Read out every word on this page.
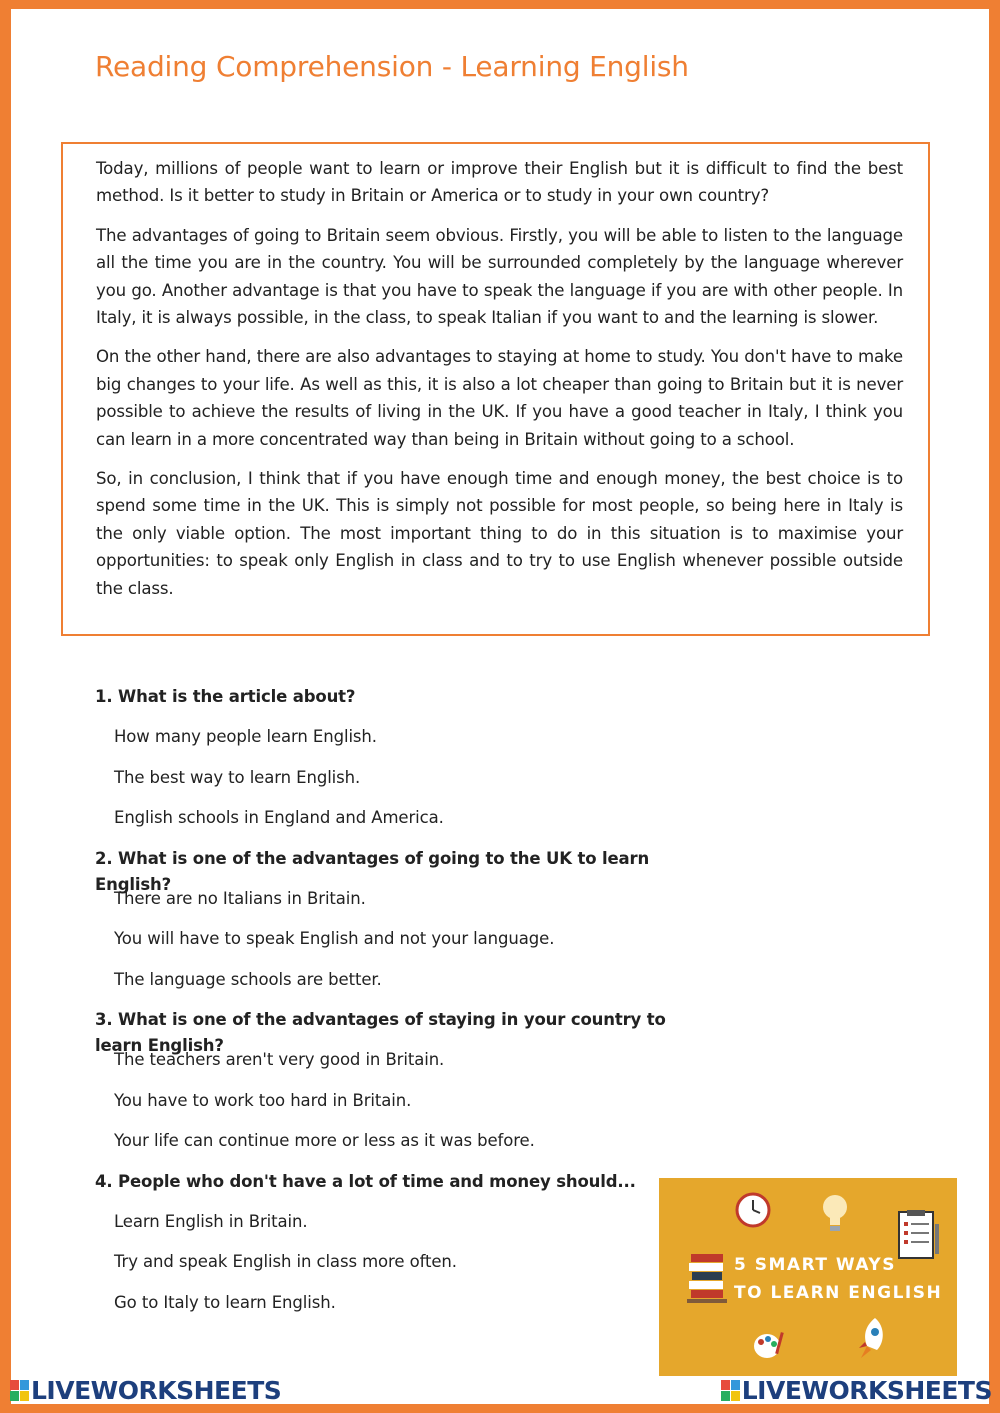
Reading Comprehension - Learning English

Today, millions of people want to learn or improve their English but it is difficult to find the best method. Is it better to study in Britain or America or to study in your own country?

The advantages of going to Britain seem obvious. Firstly, you will be able to listen to the language all the time you are in the country. You will be surrounded completely by the language wherever you go. Another advantage is that you have to speak the language if you are with other people. In Italy, it is always possible, in the class, to speak Italian if you want to and the learning is slower.

On the other hand, there are also advantages to staying at home to study. You don't have to make big changes to your life. As well as this, it is also a lot cheaper than going to Britain but it is never possible to achieve the results of living in the UK. If you have a good teacher in Italy, I think you can learn in a more concentrated way than being in Britain without going to a school.

So, in conclusion, I think that if you have enough time and enough money, the best choice is to spend some time in the UK. This is simply not possible for most people, so being here in Italy is the only viable option. The most important thing to do in this situation is to maximise your opportunities: to speak only English in class and to try to use English whenever possible outside the class.

1. What is the article about?
How many people learn English.
The best way to learn English.
English schools in England and America.
2. What is one of the advantages of going to the UK to learn English?
There are no Italians in Britain.
You will have to speak English and not your language.
The language schools are better.
3. What is one of the advantages of staying in your country to learn English?
The teachers aren't very good in Britain.
You have to work too hard in Britain.
Your life can continue more or less as it was before.
4. People who don't have a lot of time and money should...
Learn English in Britain.
Try and speak English in class more often.
Go to Italy to learn English.
5 SMART WAYS
TO LEARN ENGLISH
LIVEWORKSHEETS	LIVEWORKSHEETS
